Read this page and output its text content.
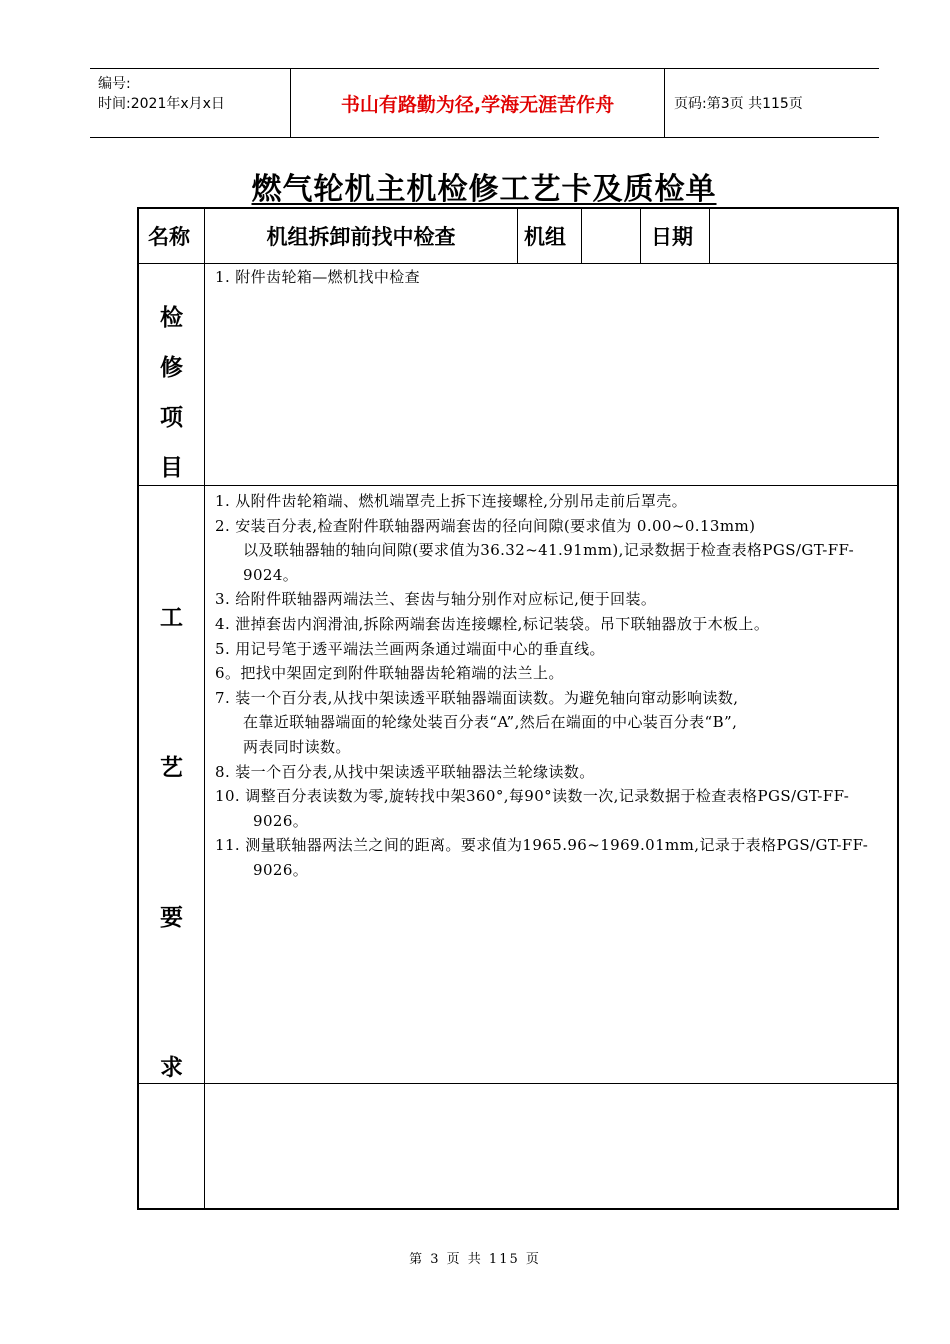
编号:
时间:2021年x月x日	书山有路勤为径,学海无涯苦作舟	页码:第3页 共115页
燃气轮机主机检修工艺卡及质检单
名称	机组拆卸前找中检查	机组	日期
检
修
项
目

1. 附件齿轮箱—燃机找中检查

工
艺
要
求

1. 从附件齿轮箱端、燃机端罩壳上拆下连接螺栓,分别吊走前后罩壳。

2. 安装百分表,检查附件联轴器两端套齿的径向间隙(要求值为 0.00~0.13mm)

以及联轴器轴的轴向间隙(要求值为36.32~41.91mm),记录数据于检查表格PGS/GT-FF-9024。

3. 给附件联轴器两端法兰、套齿与轴分别作对应标记,便于回装。

4. 泄掉套齿内润滑油,拆除两端套齿连接螺栓,标记装袋。吊下联轴器放于木板上。

5. 用记号笔于透平端法兰画两条通过端面中心的垂直线。

6。把找中架固定到附件联轴器齿轮箱端的法兰上。

7. 装一个百分表,从找中架读透平联轴器端面读数。为避免轴向窜动影响读数,

在靠近联轴器端面的轮缘处装百分表“A”,然后在端面的中心装百分表“B”,

两表同时读数。

8. 装一个百分表,从找中架读透平联轴器法兰轮缘读数。

10. 调整百分表读数为零,旋转找中架360°,每90°读数一次,记录数据于检查表格PGS/GT-FF-9026。

11. 测量联轴器两法兰之间的距离。要求值为1965.96~1969.01mm,记录于表格PGS/GT-FF-9026。

第 3 页 共 115 页
